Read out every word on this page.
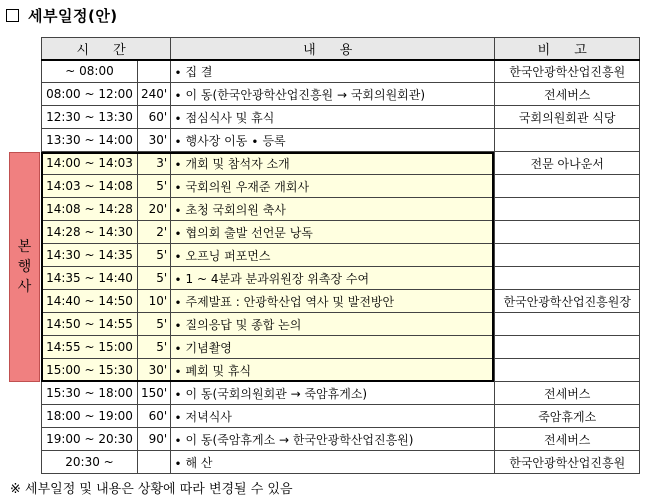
세부일정(안)
시 간		내 용	비 고
~ 08:00		∙ 집 결	한국안광학산업진흥원
08:00 ~ 12:00	240'	∙ 이 동(한국안광학산업진흥원 → 국회의원회관)	전세버스
12:30 ~ 13:30	60'	∙ 점심식사 및 휴식	국회의원회관 식당
13:30 ~ 14:00	30'	∙ 행사장 이동 ∙ 등록	
14:00 ~ 14:03	3'	∙ 개회 및 참석자 소개	전문 아나운서
14:03 ~ 14:08	5'	∙ 국회의원 우재준 개회사	
14:08 ~ 14:28	20'	∙ 초청 국회의원 축사	
14:28 ~ 14:30	2'	∙ 협의회 출발 선언문 낭독	
14:30 ~ 14:35	5'	∙ 오프닝 퍼포먼스	
14:35 ~ 14:40	5'	∙ 1 ~ 4분과 분과위원장 위촉장 수여	
14:40 ~ 14:50	10'	∙ 주제발표 : 안광학산업 역사 및 발전방안	한국안광학산업진흥원장
14:50 ~ 14:55	5'	∙ 질의응답 및 종합 논의	
14:55 ~ 15:00	5'	∙ 기념촬영	
15:00 ~ 15:30	30'	∙ 폐회 및 휴식	
15:30 ~ 18:00	150'	∙ 이 동(국회의원회관 → 죽암휴게소)	전세버스
18:00 ~ 19:00	60'	∙ 저녁식사	죽암휴게소
19:00 ~ 20:30	90'	∙ 이 동(죽암휴게소 → 한국안광학산업진흥원)	전세버스
20:30 ~		∙ 해 산	한국안광학산업진흥원
본
행
사
※ 세부일정 및 내용은 상황에 따라 변경될 수 있음
